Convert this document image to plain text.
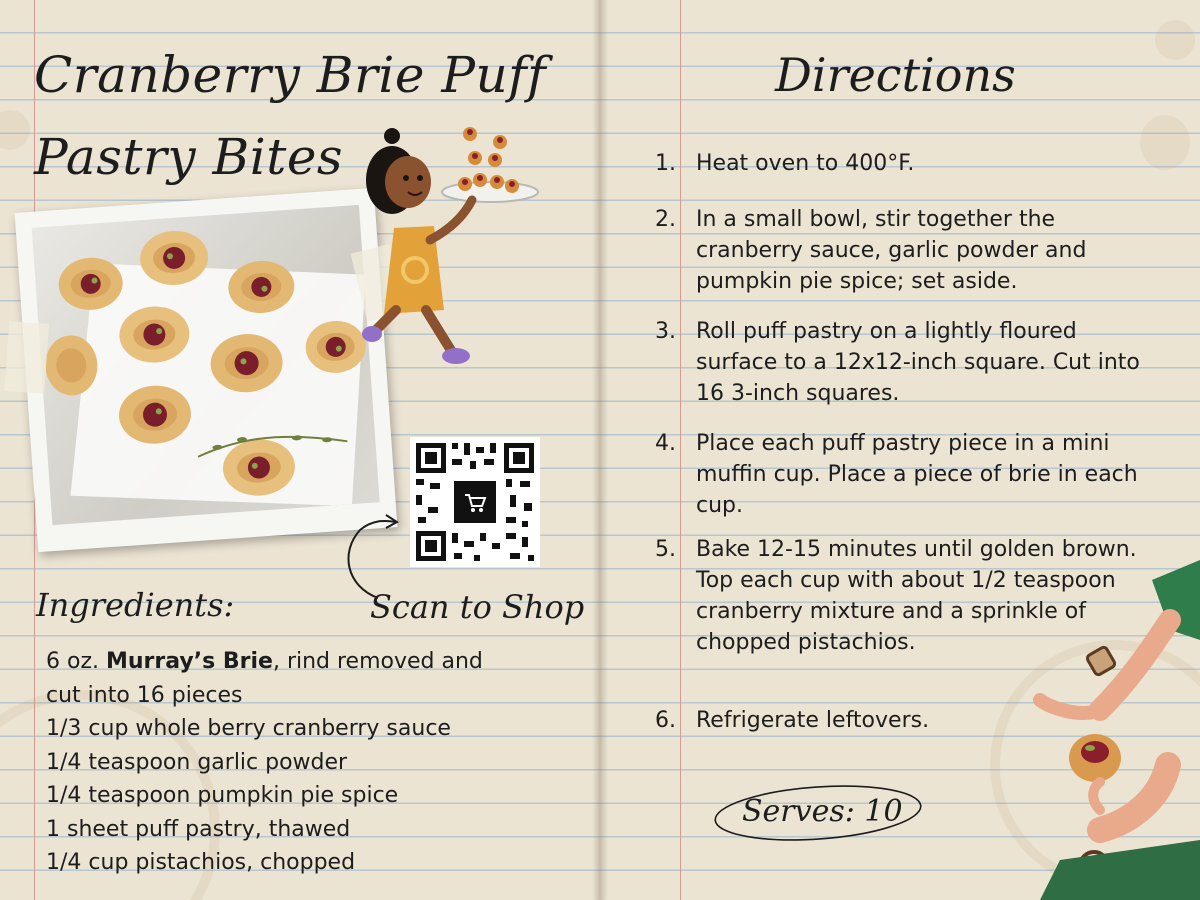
Cranberry Brie Puff Pastry Bites
Scan to Shop
Ingredients:
6 oz. Murray’s Brie, rind removed and
cut into 16 pieces
1/3 cup whole berry cranberry sauce
1/4 teaspoon garlic powder
1/4 teaspoon pumpkin pie spice
1 sheet puff pastry, thawed
1/4 cup pistachios, chopped
Directions
1. Heat oven to 400°F.
2. In a small bowl, stir together the cranberry sauce, garlic powder and pumpkin pie spice; set aside.
3. Roll puff pastry on a lightly floured surface to a 12x12-inch square. Cut into 16 3-inch squares.
4. Place each puff pastry piece in a mini muffin cup. Place a piece of brie in each cup.
5. Bake 12-15 minutes until golden brown. Top each cup with about 1/2 teaspoon cranberry mixture and a sprinkle of chopped pistachios.
6. Refrigerate leftovers.
Serves: 10
